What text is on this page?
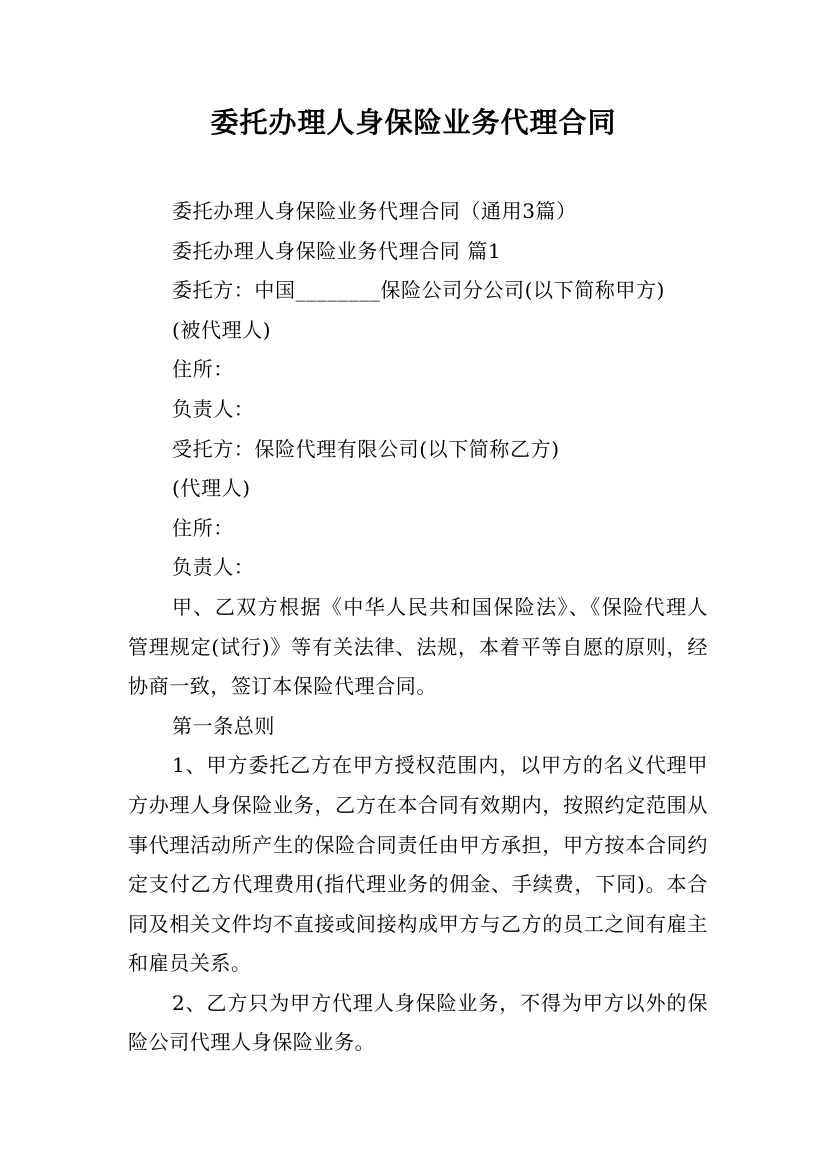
委托办理人身保险业务代理合同

委托办理人身保险业务代理合同（通用3篇）

委托办理人身保险业务代理合同 篇1

委托方：中国________保险公司分公司(以下简称甲方)

(被代理人)

住所：

负责人：

受托方：保险代理有限公司(以下简称乙方)

(代理人)

住所：

负责人：

甲、乙双方根据《中华人民共和国保险法》、《保险代理人管理规定(试行)》等有关法律、法规，本着平等自愿的原则，经协商一致，签订本保险代理合同。

第一条总则

1、甲方委托乙方在甲方授权范围内，以甲方的名义代理甲方办理人身保险业务，乙方在本合同有效期内，按照约定范围从事代理活动所产生的保险合同责任由甲方承担，甲方按本合同约定支付乙方代理费用(指代理业务的佣金、手续费，下同)。本合同及相关文件均不直接或间接构成甲方与乙方的员工之间有雇主和雇员关系。

2、乙方只为甲方代理人身保险业务，不得为甲方以外的保险公司代理人身保险业务。
